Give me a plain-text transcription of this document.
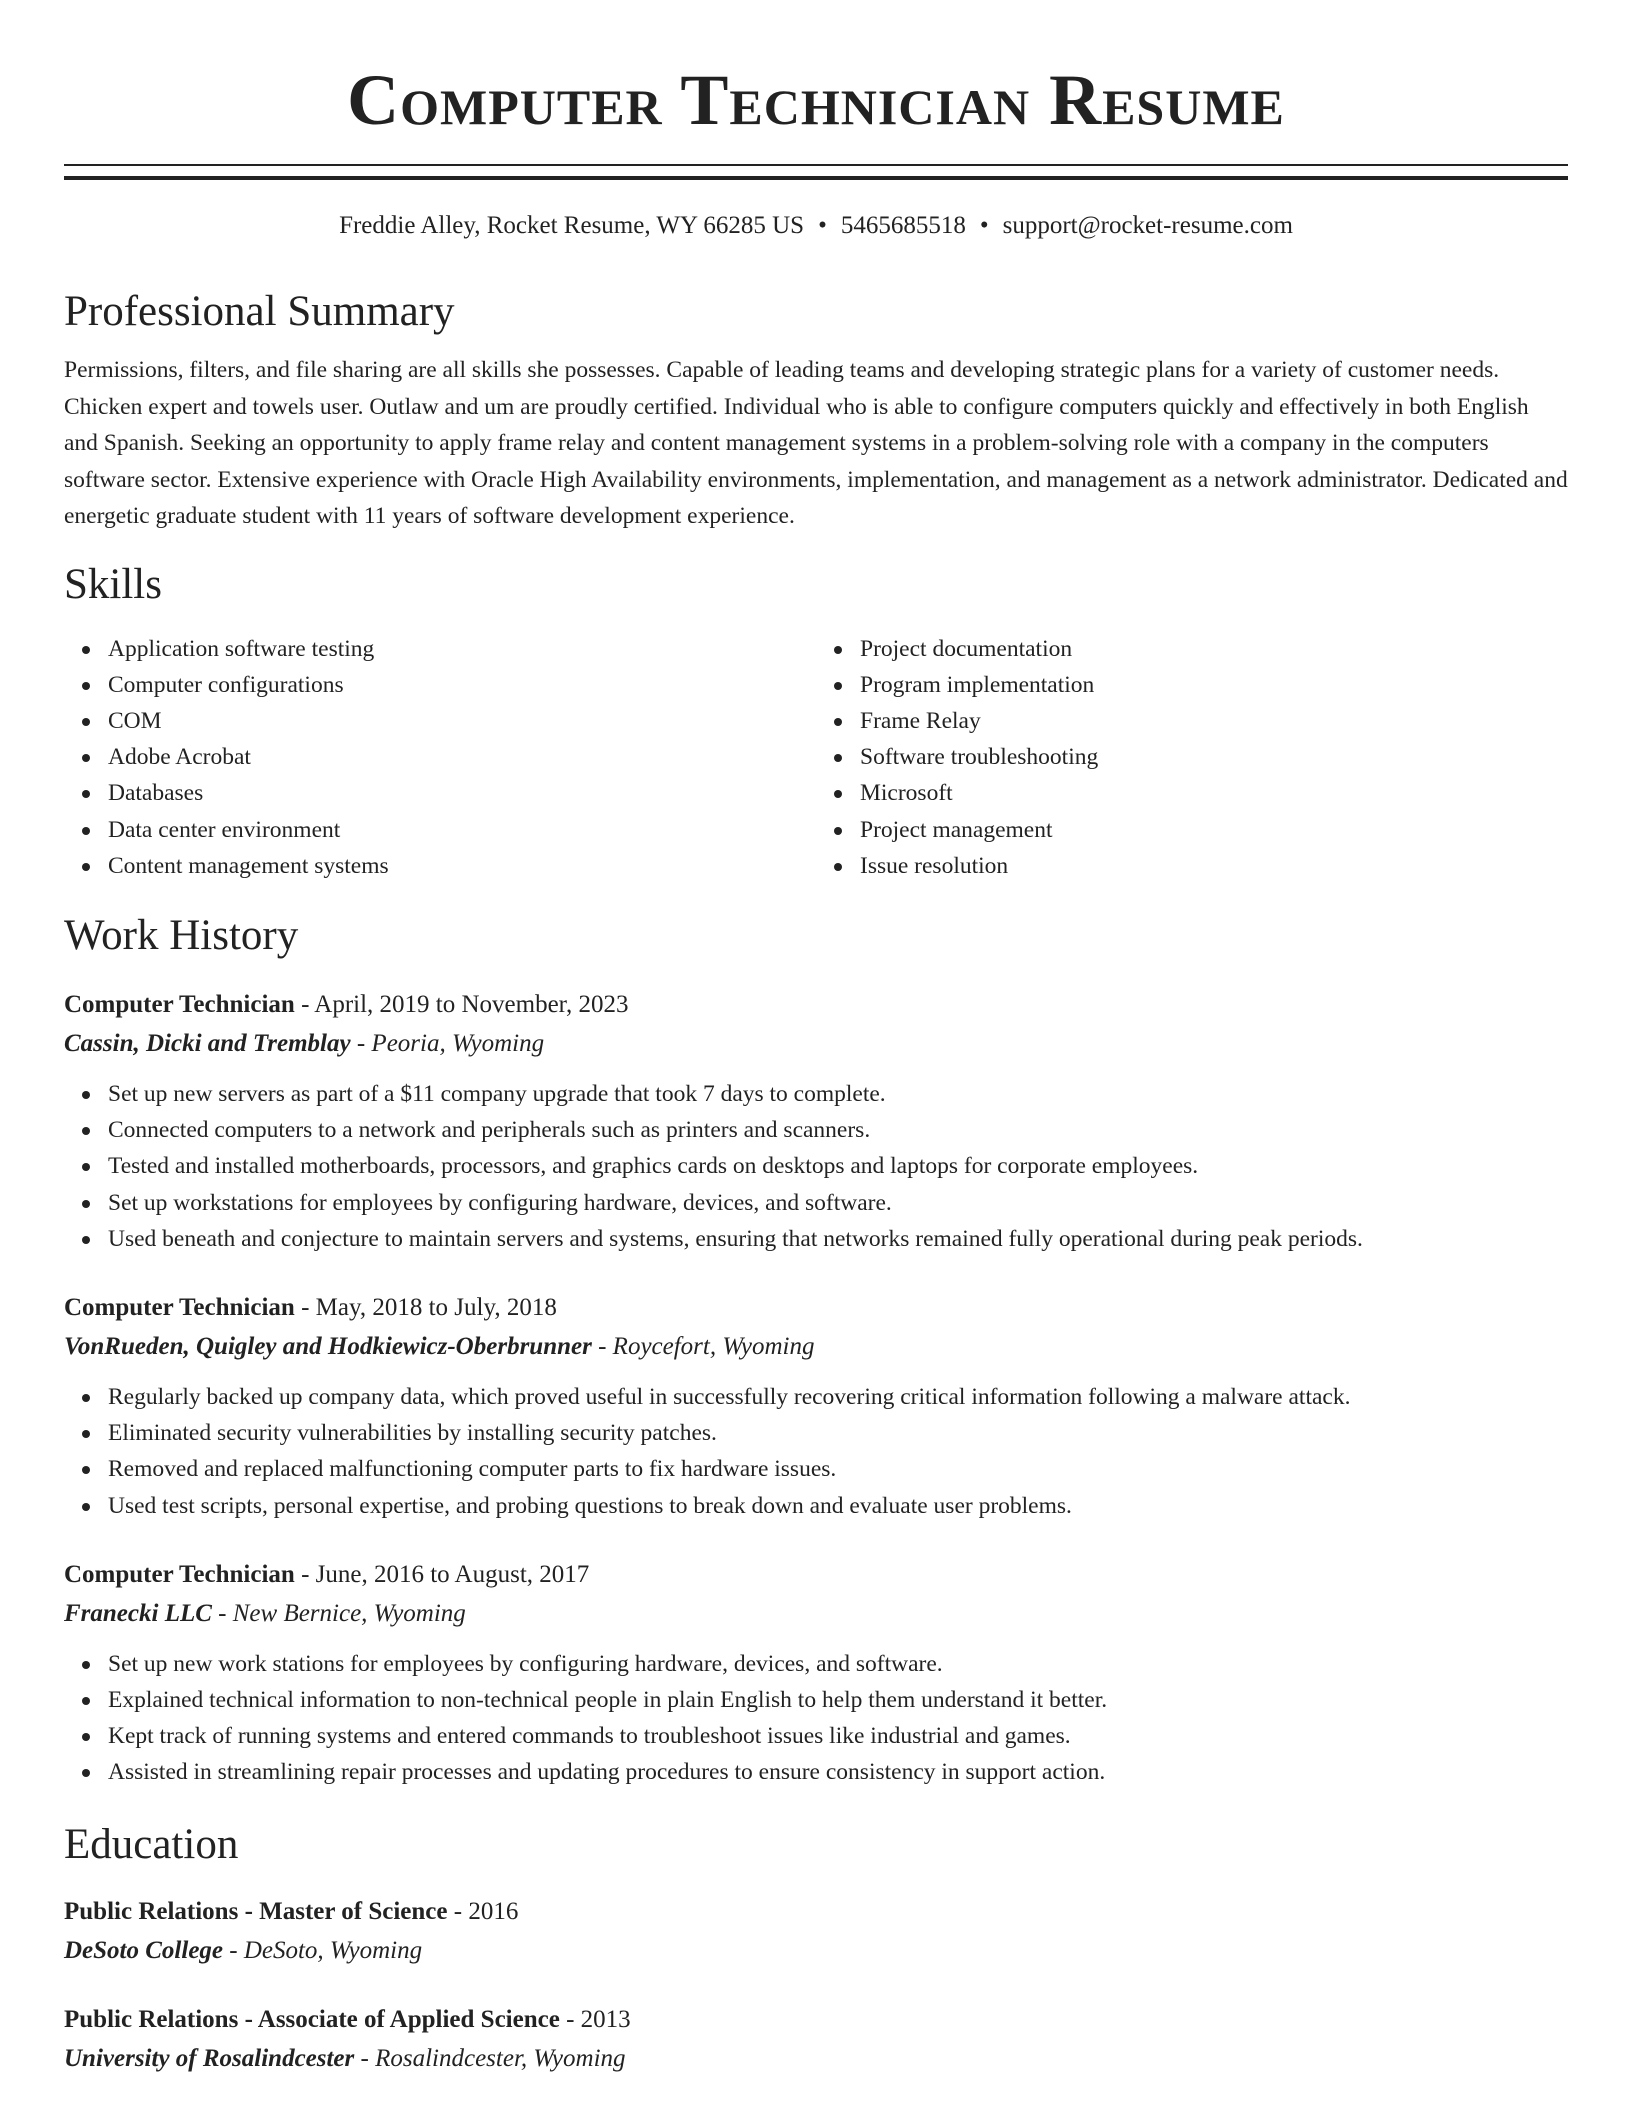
Computer Technician Resume
Freddie Alley, Rocket Resume, WY 66285 US • 5465685518 • support@rocket-resume.com
Professional Summary

Permissions, filters, and file sharing are all skills she possesses. Capable of leading teams and developing strategic plans for a variety of customer needs. Chicken expert and towels user. Outlaw and um are proudly certified. Individual who is able to configure computers quickly and effectively in both English and Spanish. Seeking an opportunity to apply frame relay and content management systems in a problem-solving role with a company in the computers software sector. Extensive experience with Oracle High Availability environments, implementation, and management as a network administrator. Dedicated and energetic graduate student with 11 years of software development experience.

Skills
Application software testing
Computer configurations
COM
Adobe Acrobat
Databases
Data center environment
Content management systems
Project documentation
Program implementation
Frame Relay
Software troubleshooting
Microsoft
Project management
Issue resolution
Work History
Computer Technician - April, 2019 to November, 2023
Cassin, Dicki and Tremblay - Peoria, Wyoming
Set up new servers as part of a $11 company upgrade that took 7 days to complete.
Connected computers to a network and peripherals such as printers and scanners.
Tested and installed motherboards, processors, and graphics cards on desktops and laptops for corporate employees.
Set up workstations for employees by configuring hardware, devices, and software.
Used beneath and conjecture to maintain servers and systems, ensuring that networks remained fully operational during peak periods.
Computer Technician - May, 2018 to July, 2018
VonRueden, Quigley and Hodkiewicz-Oberbrunner - Roycefort, Wyoming
Regularly backed up company data, which proved useful in successfully recovering critical information following a malware attack.
Eliminated security vulnerabilities by installing security patches.
Removed and replaced malfunctioning computer parts to fix hardware issues.
Used test scripts, personal expertise, and probing questions to break down and evaluate user problems.
Computer Technician - June, 2016 to August, 2017
Franecki LLC - New Bernice, Wyoming
Set up new work stations for employees by configuring hardware, devices, and software.
Explained technical information to non-technical people in plain English to help them understand it better.
Kept track of running systems and entered commands to troubleshoot issues like industrial and games.
Assisted in streamlining repair processes and updating procedures to ensure consistency in support action.
Education
Public Relations - Master of Science - 2016
DeSoto College - DeSoto, Wyoming
Public Relations - Associate of Applied Science - 2013
University of Rosalindcester - Rosalindcester, Wyoming
